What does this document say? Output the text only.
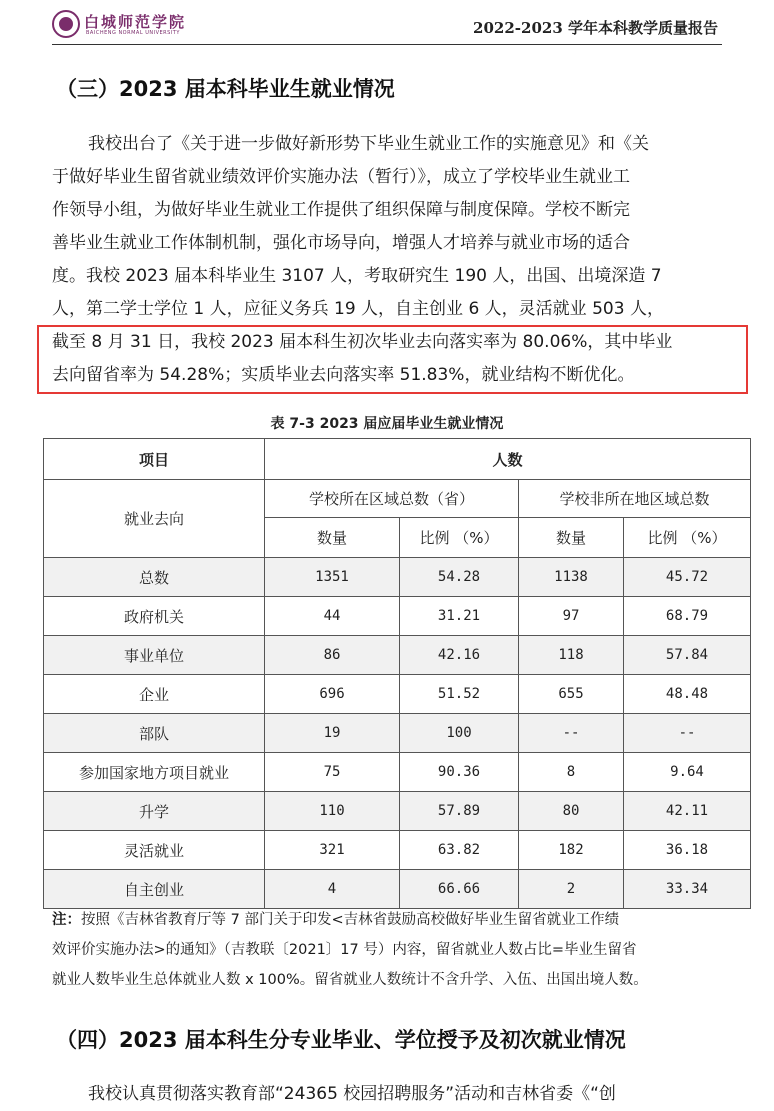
白城师范学院
BAICHENG NORMAL UNIVERSITY	2022-2023 学年本科教学质量报告
（三）2023 届本科毕业生就业情况
我校出台了《关于进一步做好新形势下毕业生就业工作的实施意见》和《关
于做好毕业生留省就业绩效评价实施办法（暂行）》，成立了学校毕业生就业工
作领导小组，为做好毕业生就业工作提供了组织保障与制度保障。学校不断完
善毕业生就业工作体制机制，强化市场导向，增强人才培养与就业市场的适合
度。我校 2023 届本科毕业生 3107 人，考取研究生 190 人，出国、出境深造 7
人，第二学士学位 1 人，应征义务兵 19 人，自主创业 6 人，灵活就业 503 人，
截至 8 月 31 日，我校 2023 届本科生初次毕业去向落实率为 80.06%，其中毕业
去向留省率为 54.28%；实质毕业去向落实率 51.83%，就业结构不断优化。
表 7-3 2023 届应届毕业生就业情况
项目	人数			
就业去向	学校所在区域总数（省）		学校非所在地区域总数	
	数量	比例 （%）	数量	比例 （%）
总数	1351	54.28	1138	45.72
政府机关	44	31.21	97	68.79
事业单位	86	42.16	118	57.84
企业	696	51.52	655	48.48
部队	19	100	--	--
参加国家地方项目就业	75	90.36	8	9.64
升学	110	57.89	80	42.11
灵活就业	321	63.82	182	36.18
自主创业	4	66.66	2	33.34
注：按照《吉林省教育厅等 7 部门关于印发<吉林省鼓励高校做好毕业生留省就业工作绩
效评价实施办法>的通知》（吉教联〔2021〕17 号）内容，留省就业人数占比=毕业生留省
就业人数毕业生总体就业人数 x 100%。留省就业人数统计不含升学、入伍、出国出境人数。
（四）2023 届本科生分专业毕业、学位授予及初次就业情况
我校认真贯彻落实教育部“24365 校园招聘服务”活动和吉林省委《“创
